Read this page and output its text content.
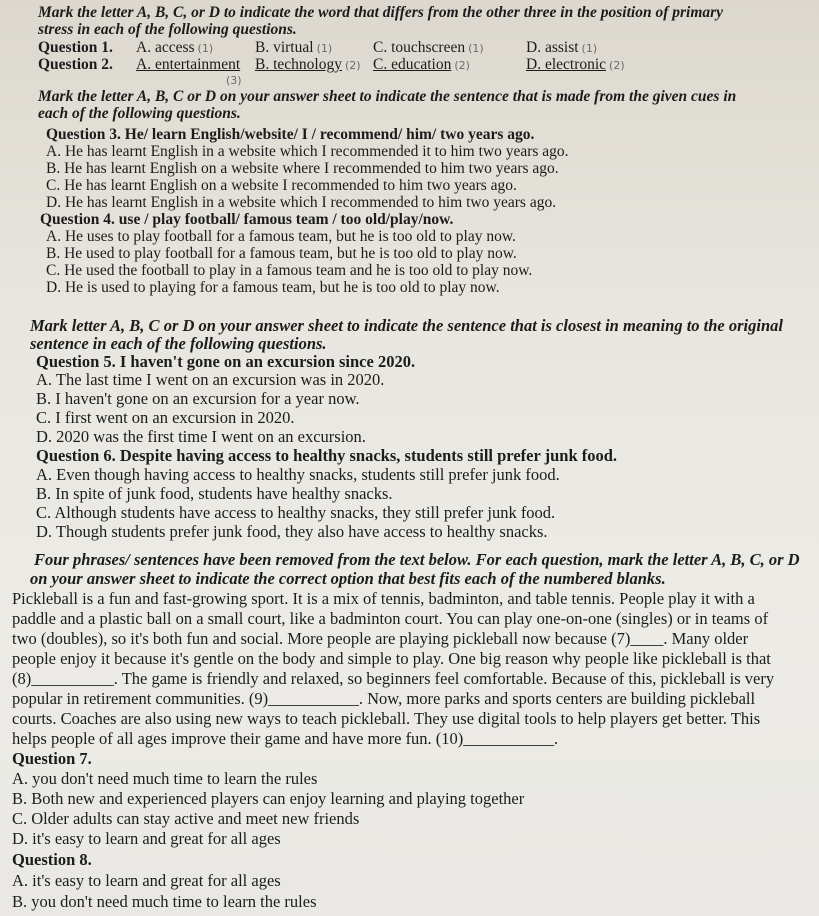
Mark the letter A, B, C, or D to indicate the word that differs from the other three in the position of primary
stress in each of the following questions.
Question 1. A. access (1)	B. virtual (1)	C. touchscreen (1)	D. assist (1)
Question 2. A. entertainment B. technology (2) C. education (2)	D. electronic (2)
(3)
Mark the letter A, B, C or D on your answer sheet to indicate the sentence that is made from the given cues in
each of the following questions.
Question 3. He/ learn English/website/ I / recommend/ him/ two years ago.
A. He has learnt English in a website which I recommended it to him two years ago.
B. He has learnt English on a website where I recommended to him two years ago.
C. He has learnt English on a website I recommended to him two years ago.
D. He has learnt English in a website which I recommended to him two years ago.
Question 4. use / play football/ famous team / too old/play/now.
A. He uses to play football for a famous team, but he is too old to play now.
B. He used to play football for a famous team, but he is too old to play now.
C. He used the football to play in a famous team and he is too old to play now.
D. He is used to playing for a famous team, but he is too old to play now.
Mark letter A, B, C or D on your answer sheet to indicate the sentence that is closest in meaning to the original
sentence in each of the following questions.
Question 5. I haven't gone on an excursion since 2020.
A. The last time I went on an excursion was in 2020.
B. I haven't gone on an excursion for a year now.
C. I first went on an excursion in 2020.
D. 2020 was the first time I went on an excursion.
Question 6. Despite having access to healthy snacks, students still prefer junk food.
A. Even though having access to healthy snacks, students still prefer junk food.
B. In spite of junk food, students have healthy snacks.
C. Although students have access to healthy snacks, they still prefer junk food.
D. Though students prefer junk food, they also have access to healthy snacks.
Four phrases/ sentences have been removed from the text below. For each question, mark the letter A, B, C, or D
on your answer sheet to indicate the correct option that best fits each of the numbered blanks.
Pickleball is a fun and fast-growing sport. It is a mix of tennis, badminton, and table tennis. People play it with a
paddle and a plastic ball on a small court, like a badminton court. You can play one-on-one (singles) or in teams of
two (doubles), so it's both fun and social. More people are playing pickleball now because (7)____. Many older
people enjoy it because it's gentle on the body and simple to play. One big reason why people like pickleball is that
(8)__________. The game is friendly and relaxed, so beginners feel comfortable. Because of this, pickleball is very
popular in retirement communities. (9)___________. Now, more parks and sports centers are building pickleball
courts. Coaches are also using new ways to teach pickleball. They use digital tools to help players get better. This
helps people of all ages improve their game and have more fun. (10)___________.
Question 7.
A. you don't need much time to learn the rules
B. Both new and experienced players can enjoy learning and playing together
C. Older adults can stay active and meet new friends
D. it's easy to learn and great for all ages
Question 8.
A. it's easy to learn and great for all ages
B. you don't need much time to learn the rules
